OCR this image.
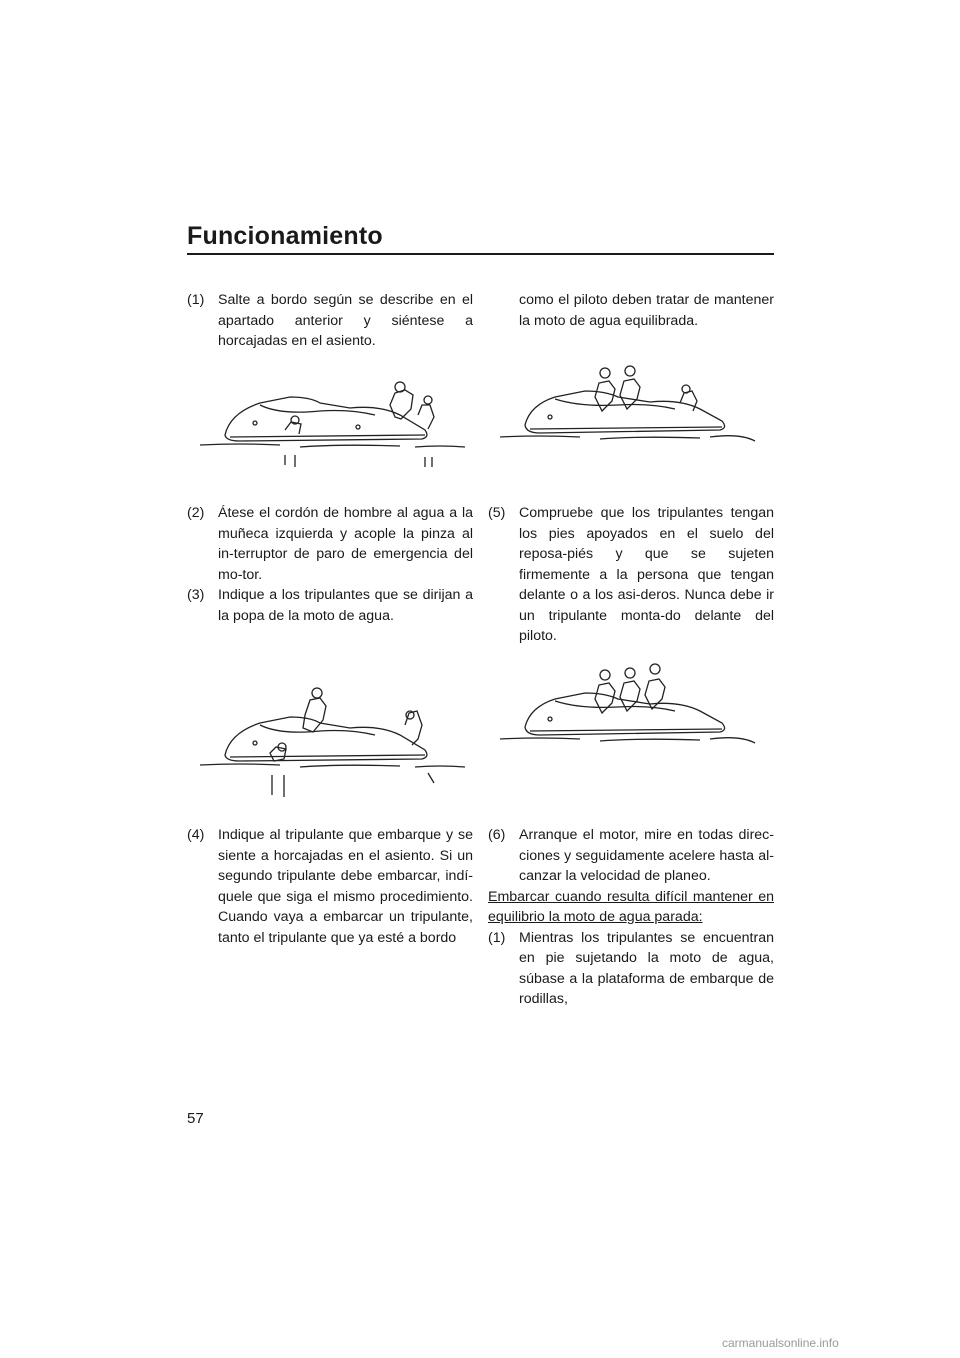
Funcionamiento
(1) Salte a bordo según se describe en el apartado anterior y siéntese a horcajadas en el asiento.
(2) Átese el cordón de hombre al agua a la muñeca izquierda y acople la pinza al in-terruptor de paro de emergencia del mo-tor.
(3) Indique a los tripulantes que se dirijan a la popa de la moto de agua.
(4) Indique al tripulante que embarque y se siente a horcajadas en el asiento. Si un segundo tripulante debe embarcar, indí-quele que siga el mismo procedimiento. Cuando vaya a embarcar un tripulante, tanto el tripulante que ya esté a bordo
57
como el piloto deben tratar de mantener la moto de agua equilibrada.
(5) Compruebe que los tripulantes tengan los pies apoyados en el suelo del reposa-piés y que se sujeten firmemente a la persona que tengan delante o a los asi-deros. Nunca debe ir un tripulante monta-do delante del piloto.
(6) Arranque el motor, mire en todas direc-ciones y seguidamente acelere hasta al-canzar la velocidad de planeo.
Embarcar cuando resulta difícil mantener en equilibrio la moto de agua parada:
(1) Mientras los tripulantes se encuentran en pie sujetando la moto de agua, súbase a la plataforma de embarque de rodillas,
carmanualsonline.info
